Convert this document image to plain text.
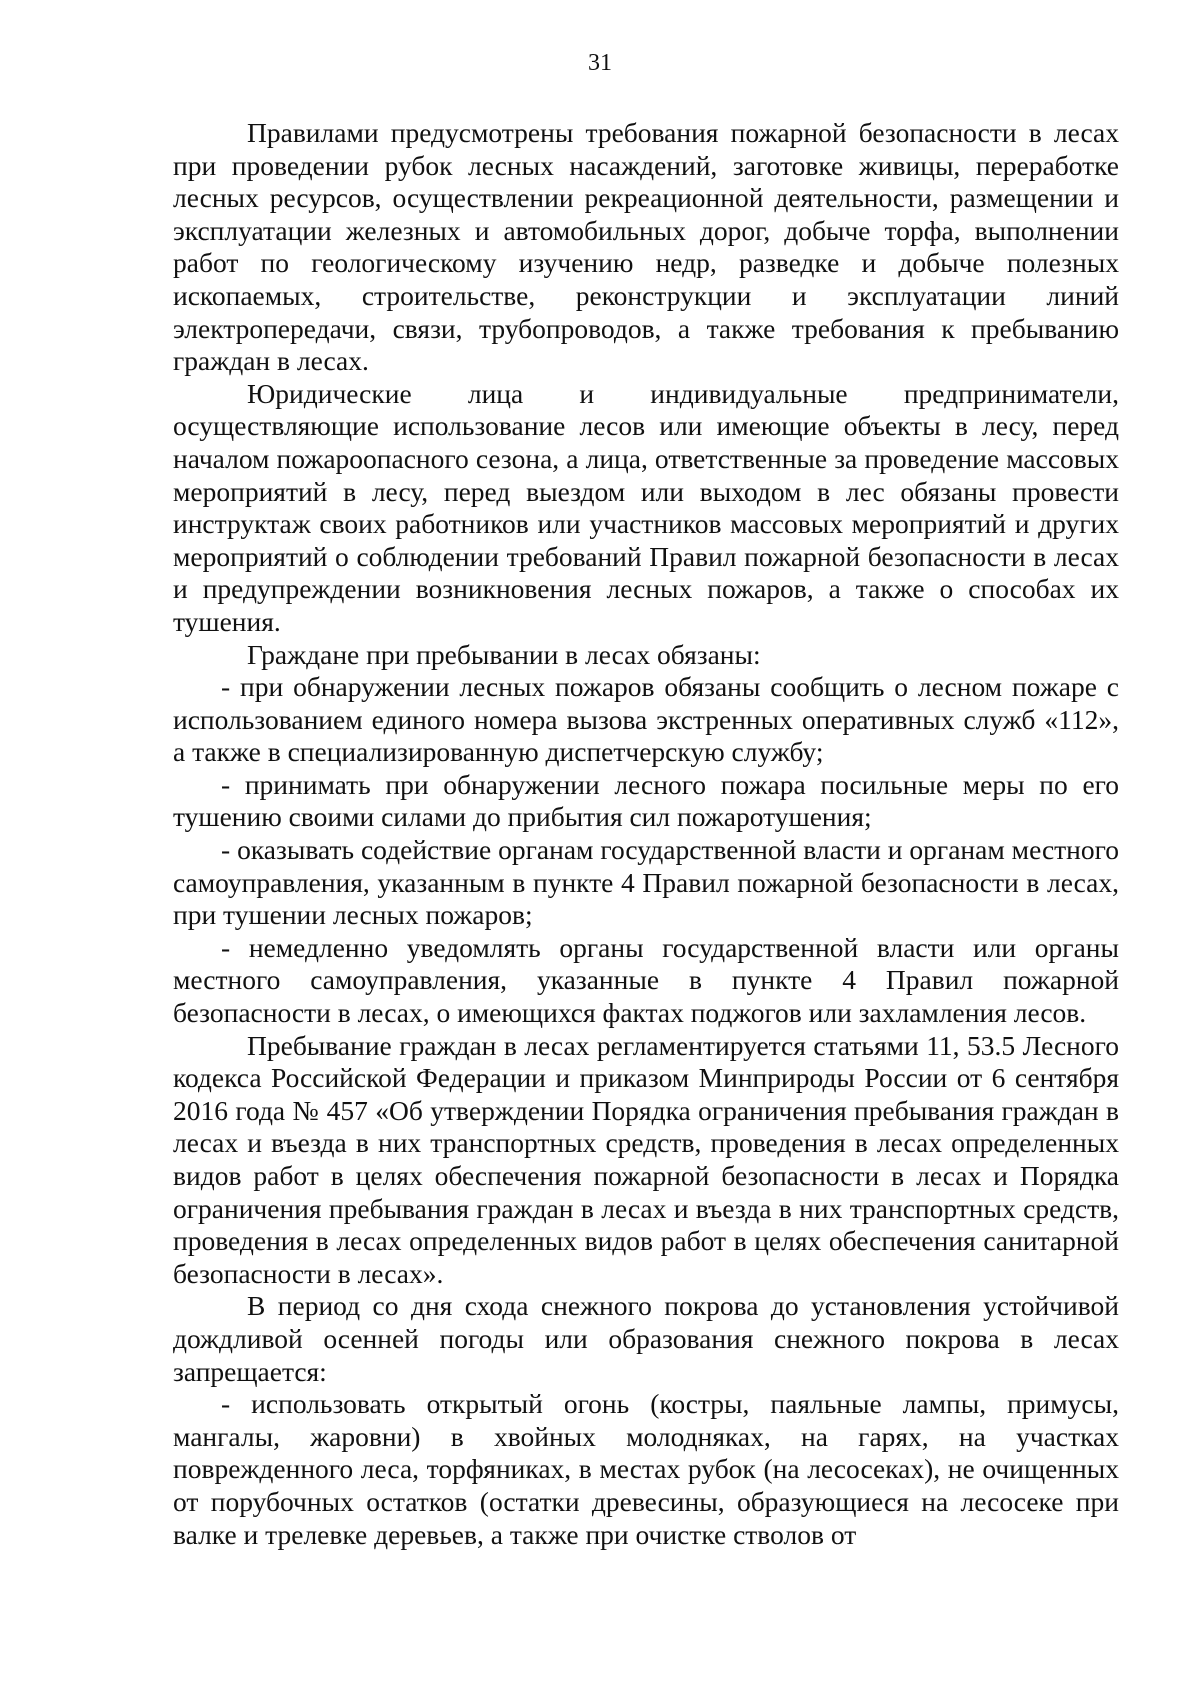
31

Правилами предусмотрены требования пожарной безопасности в лесах при проведении рубок лесных насаждений, заготовке живицы, переработке лесных ресурсов, осуществлении рекреационной деятельности, размещении и эксплуатации железных и автомобильных дорог, добыче торфа, выполнении работ по геологическому изучению недр, разведке и добыче полезных ископаемых, строительстве, реконструкции и эксплуатации линий электропередачи, связи, трубопроводов, а также требования к пребыванию граждан в лесах.

Юридические лица и индивидуальные предприниматели, осуществляющие использование лесов или имеющие объекты в лесу, перед началом пожароопасного сезона, а лица, ответственные за проведение массовых мероприятий в лесу, перед выездом или выходом в лес обязаны провести инструктаж своих работников или участников массовых мероприятий и других мероприятий о соблюдении требований Правил пожарной безопасности в лесах и предупреждении возникновения лесных пожаров, а также о способах их тушения.

Граждане при пребывании в лесах обязаны:

- при обнаружении лесных пожаров обязаны сообщить о лесном пожаре с использованием единого номера вызова экстренных оперативных служб «112», а также в специализированную диспетчерскую службу;

- принимать при обнаружении лесного пожара посильные меры по его тушению своими силами до прибытия сил пожаротушения;

- оказывать содействие органам государственной власти и органам местного самоуправления, указанным в пункте 4 Правил пожарной безопасности в лесах, при тушении лесных пожаров;

- немедленно уведомлять органы государственной власти или органы местного самоуправления, указанные в пункте 4 Правил пожарной безопасности в лесах, о имеющихся фактах поджогов или захламления лесов.

Пребывание граждан в лесах регламентируется статьями 11, 53.5 Лесного кодекса Российской Федерации и приказом Минприроды России от 6 сентября 2016 года № 457 «Об утверждении Порядка ограничения пребывания граждан в лесах и въезда в них транспортных средств, проведения в лесах определенных видов работ в целях обеспечения пожарной безопасности в лесах и Порядка ограничения пребывания граждан в лесах и въезда в них транспортных средств, проведения в лесах определенных видов работ в целях обеспечения санитарной безопасности в лесах».

В период со дня схода снежного покрова до установления устойчивой дождливой осенней погоды или образования снежного покрова в лесах запрещается:

- использовать открытый огонь (костры, паяльные лампы, примусы, мангалы, жаровни) в хвойных молодняках, на гарях, на участках поврежденного леса, торфяниках, в местах рубок (на лесосеках), не очищенных от порубочных остатков (остатки древесины, образующиеся на лесосеке при валке и трелевке деревьев, а также при очистке стволов от
